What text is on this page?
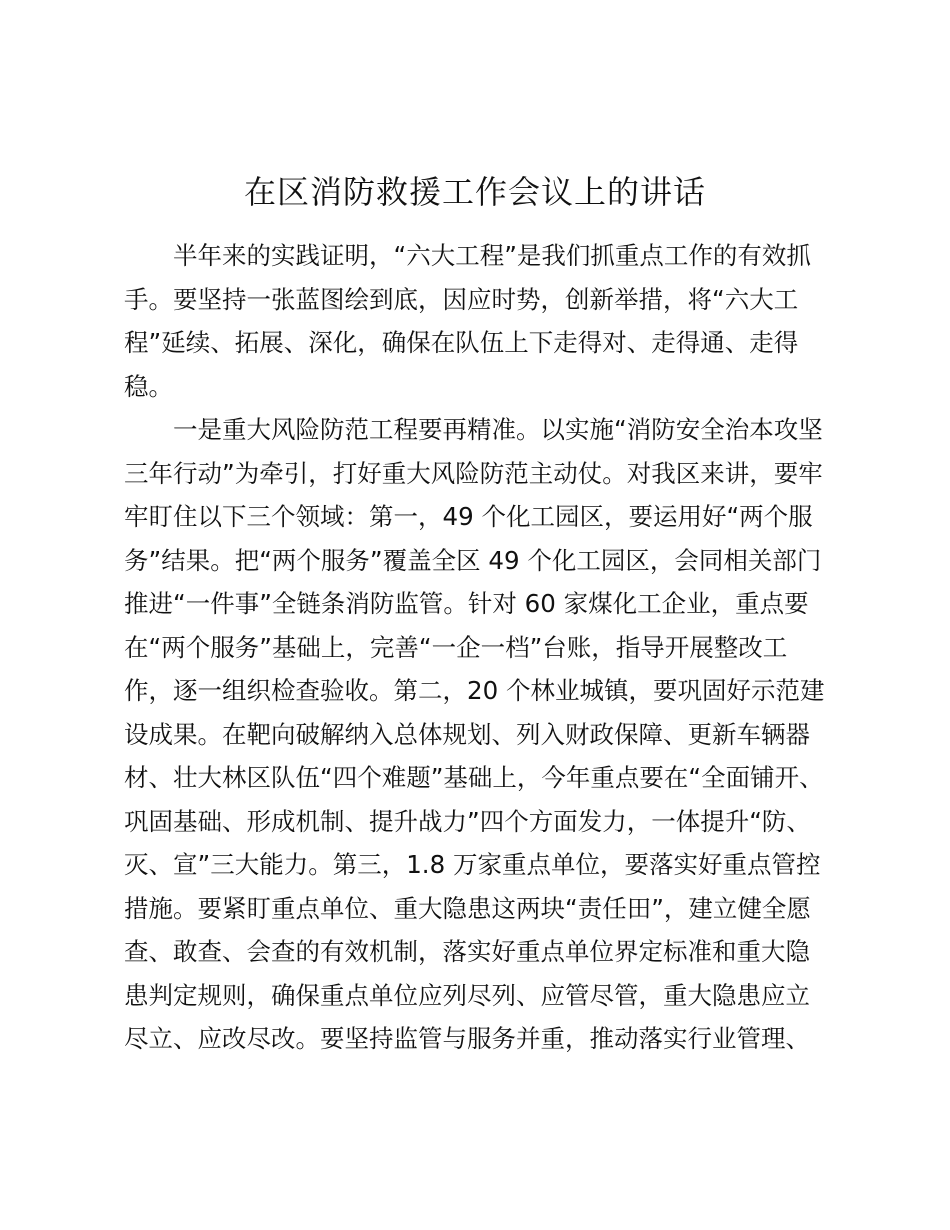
在区消防救援工作会议上的讲话
半年来的实践证明，“六大工程”是我们抓重点工作的有效抓
手。要坚持一张蓝图绘到底，因应时势，创新举措，将“六大工
程”延续、拓展、深化，确保在队伍上下走得对、走得通、走得
稳。
一是重大风险防范工程要再精准。以实施“消防安全治本攻坚
三年行动”为牵引，打好重大风险防范主动仗。对我区来讲，要牢
牢盯住以下三个领域：第一，49 个化工园区，要运用好“两个服
务”结果。把“两个服务”覆盖全区 49 个化工园区，会同相关部门
推进“一件事”全链条消防监管。针对 60 家煤化工企业，重点要
在“两个服务”基础上，完善“一企一档”台账，指导开展整改工
作，逐一组织检查验收。第二，20 个林业城镇，要巩固好示范建
设成果。在靶向破解纳入总体规划、列入财政保障、更新车辆器
材、壮大林区队伍“四个难题”基础上，今年重点要在“全面铺开、
巩固基础、形成机制、提升战力”四个方面发力，一体提升“防、
灭、宣”三大能力。第三，1.8 万家重点单位，要落实好重点管控
措施。要紧盯重点单位、重大隐患这两块“责任田”，建立健全愿
查、敢查、会查的有效机制，落实好重点单位界定标准和重大隐
患判定规则，确保重点单位应列尽列、应管尽管，重大隐患应立
尽立、应改尽改。要坚持监管与服务并重，推动落实行业管理、
